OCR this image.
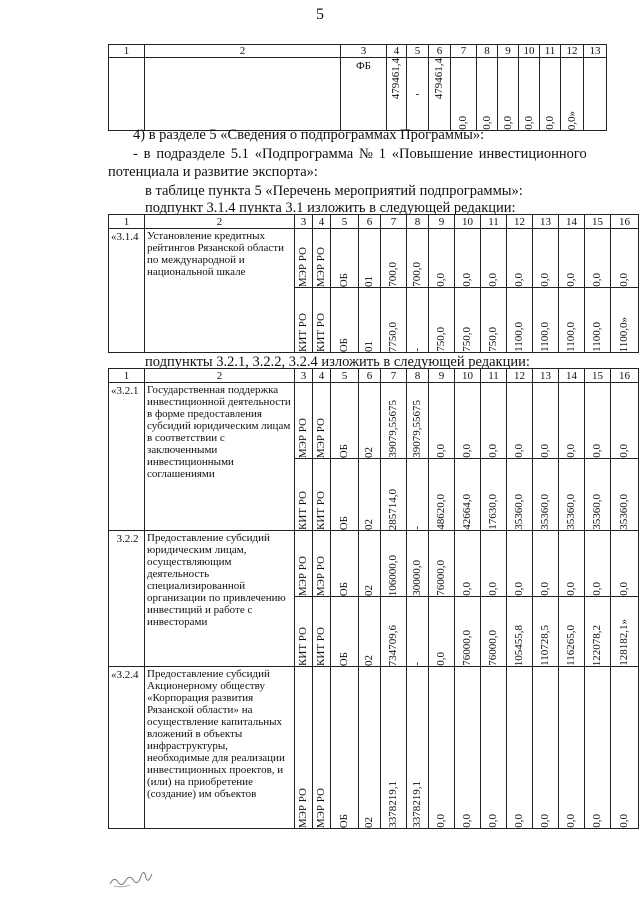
5
1	2	3	4	5	6	7	8	9	10	11	12	13
		ФБ	479461,4	-	479461,4	0,0	0,0	0,0	0,0	0,0	0,0»	

4) в разделе 5 «Сведения о подпрограммах Программы»:
- в подразделе 5.1 «Подпрограмма № 1 «Повышение инвестиционного
потенциала и развитие экспорта»:
в таблице пункта 5 «Перечень мероприятий подпрограммы»:
подпункт 3.1.4 пункта 3.1 изложить в следующей редакции:
1	2	3	4	5	6	7	8	9	10	11	12	13	14	15	16
«3.1.4	Установление кредитных рейтингов Рязанской области по международной и национальной шкале	МЭР РО	МЭР РО	ОБ	01	700,0	700,0	0,0	0,0	0,0	0,0	0,0	0,0	0,0	0,0

		КИТ РО	КИТ РО	ОБ	01	7750,0	-	750,0	750,0	750,0	1100,0	1100,0	1100,0	1100,0	1100,0»
подпункты 3.2.1, 3.2.2, 3.2.4 изложить в следующей редакции:
1	2	3	4	5	6	7	8	9	10	11	12	13	14	15	16
«3.2.1	Государственная поддержка инвестиционной деятельности в форме предоставления субсидий юридическим лицам в соответствии с заключенными инвестиционными соглашениями	МЭР РО	МЭР РО	ОБ	02	39079,55675	39079,55675	0,0	0,0	0,0	0,0	0,0	0,0	0,0	0,0

		КИТ РО	КИТ РО	ОБ	02	285714,0	-	48620,0	42664,0	17630,0	35360,0	35360,0	35360,0	35360,0	35360,0

3.2.2	Предоставление субсидий юридическим лицам, осуществляющим деятельность специализированной организации по привлечению инвестиций и работе с инвесторами	МЭР РО	МЭР РО	ОБ	02	106000,0	30000,0	76000,0	0,0	0,0	0,0	0,0	0,0	0,0	0,0

		КИТ РО	КИТ РО	ОБ	02	734709,6	-	0,0	76000,0	76000,0	105455,8	110728,5	116265,0	122078,2	128182,1»

«3.2.4	Предоставление субсидий Акционерному обществу «Корпорация развития Рязанской области» на осуществление капитальных вложений в объекты инфраструктуры, необходимые для реализации инвестиционных проектов, и (или) на приобретение (создание) им объектов	МЭР РО	МЭР РО	ОБ	02	3378219,1	3378219,1	0,0	0,0	0,0	0,0	0,0	0,0	0,0	0,0
